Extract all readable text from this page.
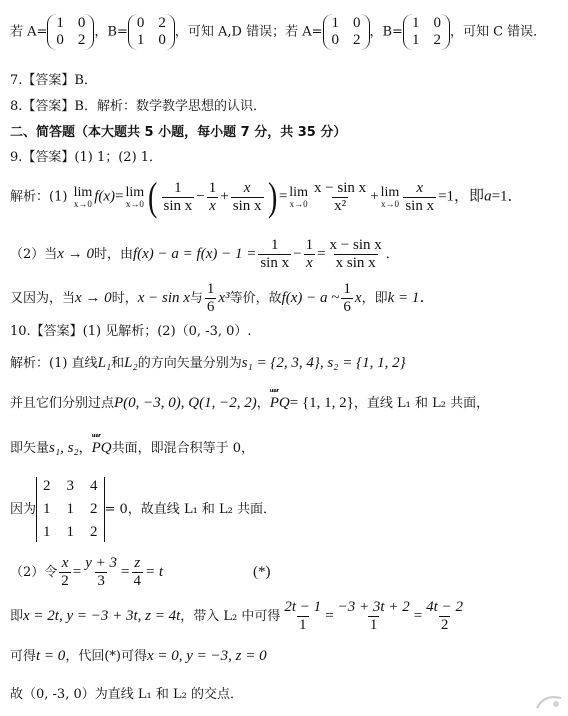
若 A=
1 0
0 2 ，B=
0 2
1 0 ，可知 A,D 错误；若 A=
1 0
0 2 ，B=
1 0
1 2 ，可知 C 错误．
7.【答案】B．
8.【答案】B．解析：数学教学思想的认识．
二、简答题（本大题共 5 小题，每小题 7 分，共 35 分）
9.【答案】(1) 1；(2) 1．
解析：(1) lim
x→0 f(x)= lim
x→0 ( $\frac{1}{\text{sin x}} - \frac{1}{x} + \frac{x}{\text{sin x}}$ ) = lim
$x\to 0 \frac{\text{x − sin x}}{\text{x²}} + \lim$
$x\to 0 \frac{x}{\text{sin x}} =1$，即a=1．
（2）当x → 0时，由$f(x) - a = f(x) - 1 = \frac{1}{\text{sin x}} - \frac{1}{x} = \frac{\text{x − sin x}}{\text{x sin x}}$ ．
又因为，当x → 0时，x − sin x与 $\frac{1}{6} x^3$等价，故f(x) − a ~ $\frac{1}{6}$ x，即k = 1．
10.【答案】(1) 见解析；(2)（0, -3, 0）.
解析：(1) 直线L₁和L₂的方向矢量分别为s₁ = {2, 3, 4}, s₂ = {1, 1, 2}
并且它们分别过点P(0, −3, 0), Q(1, −2, 2)，uuur PQ= {1, 1, 2}，直线 L₁ 和 L₂ 共面，
即矢量s₁, s₂，uuur PQ共面，即混合积等于 0，
因为
2 3 4
1 1 2
1 1 2
= 0，故直线 L₁ 和 L₂ 共面．
（2）令 $\frac{x}{2} = \frac{y + 3}{3} = \frac{z}{4} = t$	(*)
即x = 2t, y = −3 + 3t, z = 4t，带入 L₂ 中可得 $\frac{2t - 1}{1} = \frac{-3 + 3t + 2}{1} = \frac{4t - 2}{2}$
可得t = 0，代回(*)可得x = 0, y = −3, z = 0
故（0, -3, 0）为直线 L₁ 和 L₂ 的交点．
